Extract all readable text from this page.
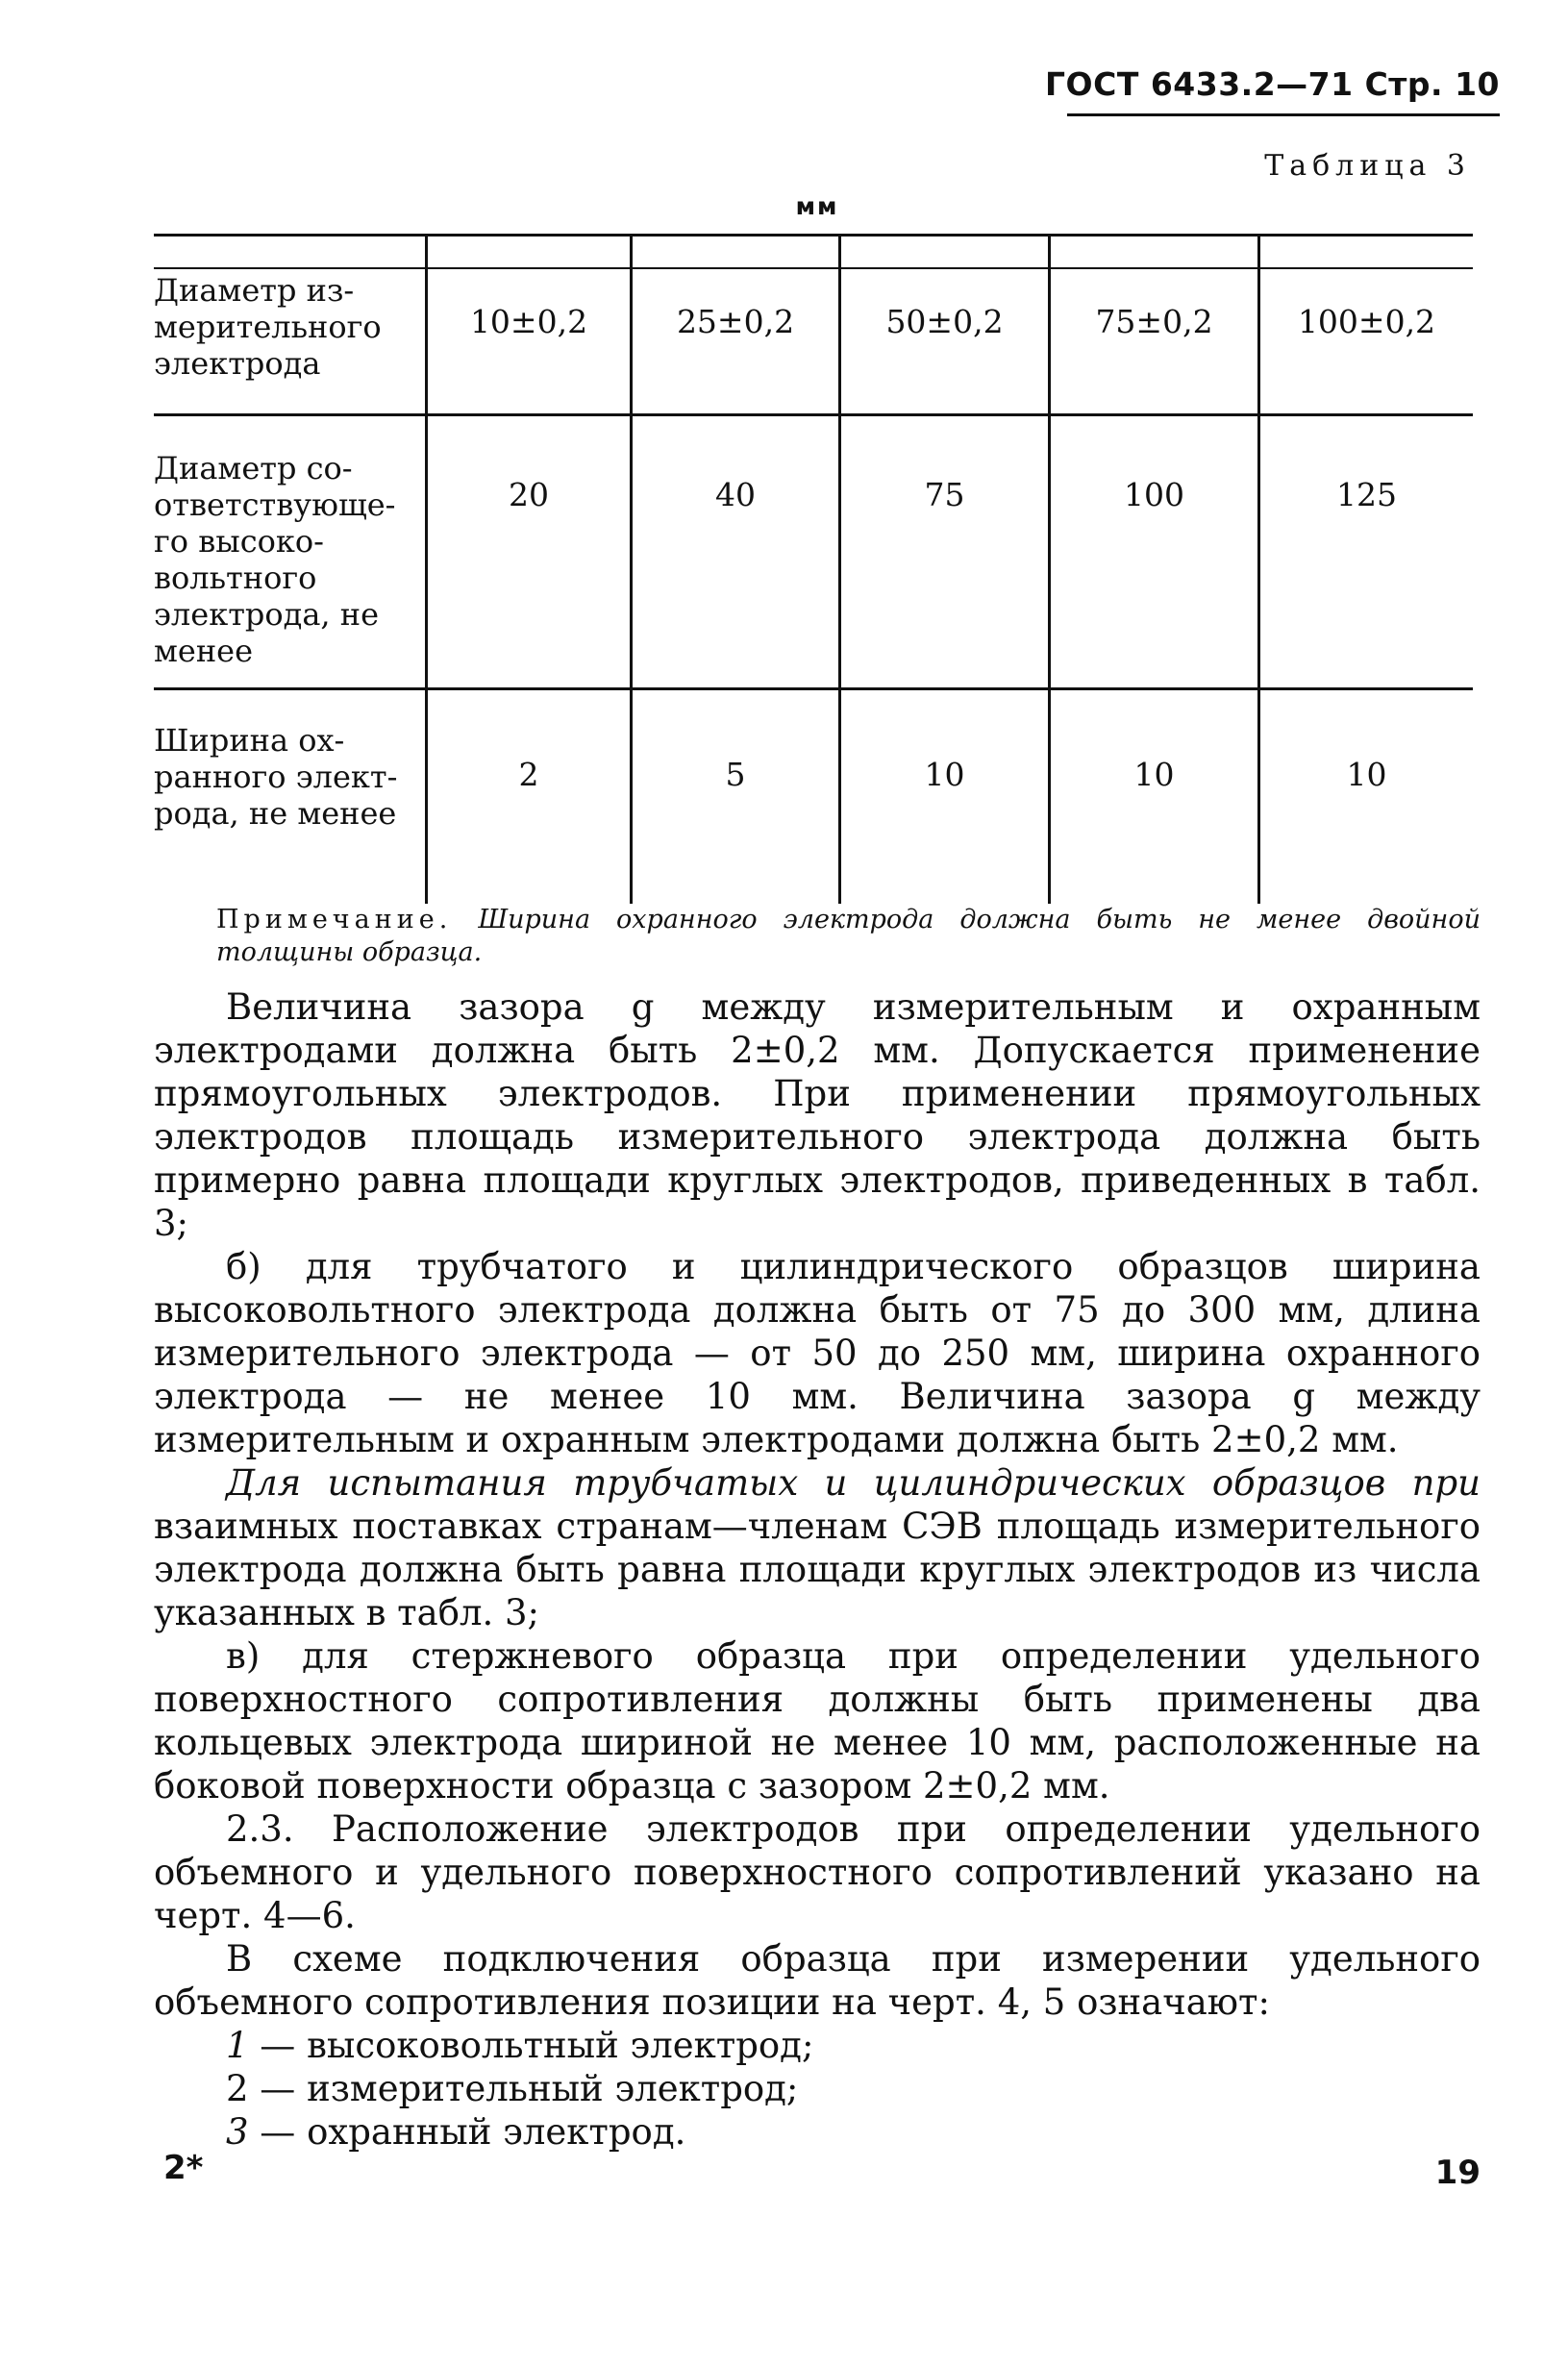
ГОСТ 6433.2—71 Стр. 10
Таблица 3
мм
Диаметр из-мерительного электрода
10±0,2	25±0,2	50±0,2	75±0,2	100±0,2
Диаметр со-ответствующе-го высоко-вольтного электрода, не менее
20	40	75	100	125
Ширина ох-ранного элект-рода, не менее
2	5	10	10	10
Примечание. Ширина охранного электрода должна быть не менее двойной толщины образца.

Величина зазора g между измерительным и охранным электродами должна быть 2±0,2 мм. Допускается применение прямоугольных электродов. При применении прямоугольных электродов площадь измерительного электрода должна быть примерно равна площади круглых электродов, приведенных в табл. 3;

б) для трубчатого и цилиндрического образцов ширина высоковольтного электрода должна быть от 75 до 300 мм, длина измерительного электрода — от 50 до 250 мм, ширина охранного электрода — не менее 10 мм. Величина зазора g между измерительным и охранным электродами должна быть 2±0,2 мм.

Для испытания трубчатых и цилиндрических образцов при взаимных поставках странам—членам СЭВ площадь измерительного электрода должна быть равна площади круглых электродов из числа указанных в табл. 3;

в) для стержневого образца при определении удельного поверхностного сопротивления должны быть применены два кольцевых электрода шириной не менее 10 мм, расположенные на боковой поверхности образца с зазором 2±0,2 мм.

2.3. Расположение электродов при определении удельного объемного и удельного поверхностного сопротивлений указано на черт. 4—6.

В схеме подключения образца при измерении удельного объемного сопротивления позиции на черт. 4, 5 означают:

1 — высоковольтный электрод;

2 — измерительный электрод;

3 — охранный электрод.

2*	19
